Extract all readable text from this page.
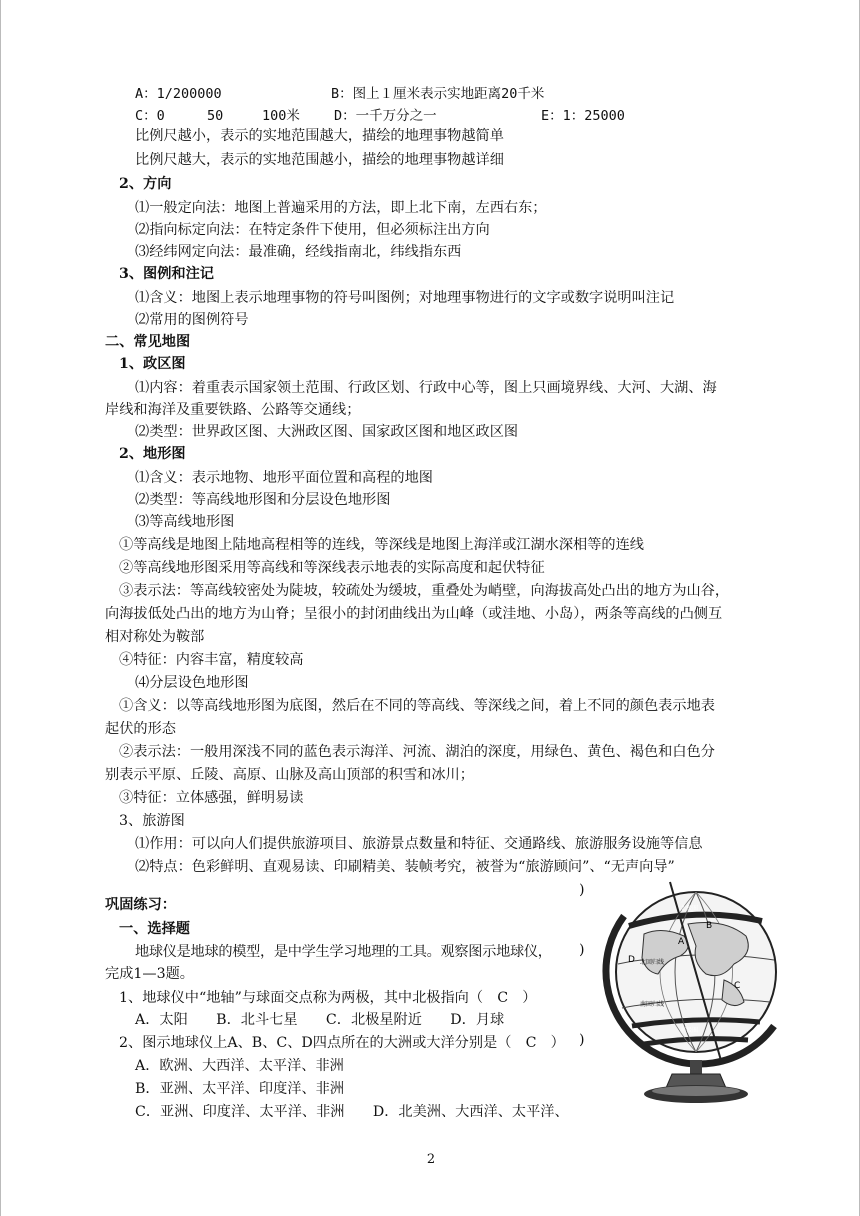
A：1/200000	B：图上１厘米表示实地距离20千米
C：0	50	100米	D：一千万分之一	E：1：25000
比例尺越小，表示的实地范围越大，描绘的地理事物越简单
比例尺越大，表示的实地范围越小，描绘的地理事物越详细
2、方向
⑴一般定向法：地图上普遍采用的方法，即上北下南，左西右东；
⑵指向标定向法：在特定条件下使用，但必须标注出方向
⑶经纬网定向法：最准确，经线指南北，纬线指东西
3、图例和注记
⑴含义：地图上表示地理事物的符号叫图例；对地理事物进行的文字或数字说明叫注记
⑵常用的图例符号
二、常见地图
1、政区图
⑴内容：着重表示国家领土范围、行政区划、行政中心等，图上只画境界线、大河、大湖、海
岸线和海洋及重要铁路、公路等交通线；
⑵类型：世界政区图、大洲政区图、国家政区图和地区政区图
2、地形图
⑴含义：表示地物、地形平面位置和高程的地图
⑵类型：等高线地形图和分层设色地形图
⑶等高线地形图
①等高线是地图上陆地高程相等的连线，等深线是地图上海洋或江湖水深相等的连线
②等高线地形图采用等高线和等深线表示地表的实际高度和起伏特征
③表示法：等高线较密处为陡坡，较疏处为缓坡，重叠处为峭壁，向海拔高处凸出的地方为山谷，
向海拔低处凸出的地方为山脊；呈很小的封闭曲线出为山峰（或洼地、小岛），两条等高线的凸侧互
相对称处为鞍部
④特征：内容丰富，精度较高
⑷分层设色地形图
①含义：以等高线地形图为底图，然后在不同的等高线、等深线之间，着上不同的颜色表示地表
起伏的形态
②表示法：一般用深浅不同的蓝色表示海洋、河流、湖泊的深度，用绿色、黄色、褐色和白色分
别表示平原、丘陵、高原、山脉及高山顶部的积雪和冰川；
③特征：立体感强，鲜明易读
3、旅游图
⑴作用：可以向人们提供旅游项目、旅游景点数量和特征、交通路线、旅游服务设施等信息
⑵特点：色彩鲜明、直观易读、印刷精美、装帧考究，被誉为“旅游顾问”、“无声向导”
巩固练习：
)
一、选择题
)
地球仪是地球的模型，是中学生学习地理的工具。观察图示地球仪，
完成1—3题。
1、地球仪中“地轴”与球面交点称为两极，其中北极指向（　C　）
A．太阳　　B．北斗七星　　C．北极星附近　　D．月球
2、图示地球仪上A、B、C、D四点所在的大洲或大洋分别是（　C　） )
A．欧洲、大西洋、太平洋、非洲
B．亚洲、太平洋、印度洋、非洲
C．亚洲、印度洋、太平洋、非洲　　D．北美洲、大西洋、太平洋、
A
B
C
D
北极圈
北回归线
南回归线
南极圈
2
